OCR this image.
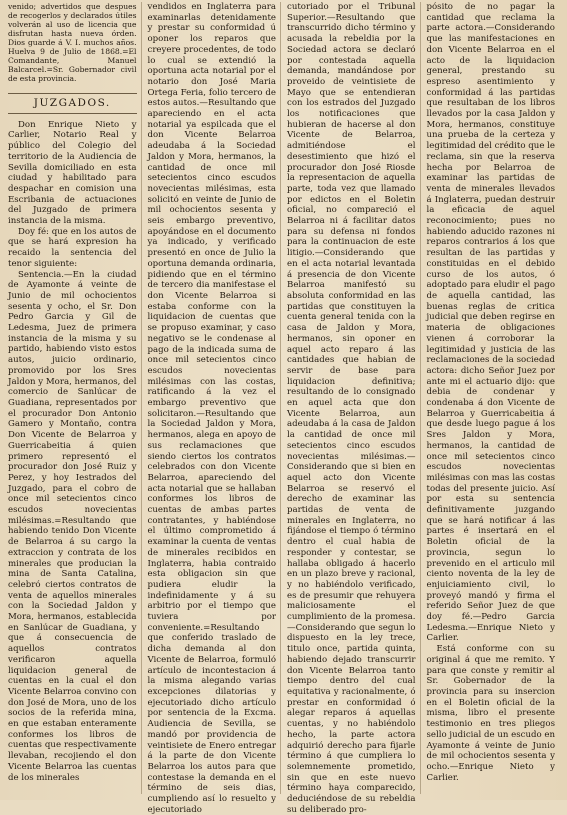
venido; advertidos que despues de recogerlos y declarados útiles volverán al uso de licencia que disfrutan hasta nueva órden. Dios guarde á V. I. muchos años. Huelva 9 de Julio de 1868.=El Comandante, Manuel Balcarcel.=Sr. Gobernador civil de esta provincia.

JUZGADOS.

Don Enrique Nieto y Carlier, Notario Real y público del Colegio del territorio de la Audiencia de Sevilla domiciliado en esta ciudad y habilitado para despachar en comision una Escribania de actuaciones del Juzgado de primera instancia de la misma.

Doy fé: que en los autos de que se hará expresion ha recaido la sentencia del tenor siguiente:

Sentencia.—En la ciudad de Ayamonte á veinte de Junio de mil ochocientos sesenta y ocho, el Sr. Don Pedro Garcia y Gil de Ledesma, Juez de primera instancia de la misma y su partido, habiendo visto estos autos, juicio ordinario, promovido por los Sres Jaldon y Mora, hermanos, del comercio de Sanlúcar de Guadiana, representados por el procurador Don Antonio Gamero y Montaño, contra Don Vicente de Belarroa y Guerricabeitia á quien primero representó el procurador don José Ruiz y Perez, y hoy Iestrados del Juzgado, para el cobro de once mil setecientos cinco escudos novecientas milésimas.=Resultando que habiendo tenido Don Vicente de Belarroa á su cargo la extraccion y contrata de los minerales que producian la mina de Santa Catalina, celebró ciertos contratos de venta de aquellos minerales con la Sociedad Jaldon y Mora, hermanos, establecida en Sanlúcar de Guadiana, y que á consecuencia de aquellos contratos verificaron aquella liquidacion general de cuentas en la cual el don Vicente Belarroa convino con don José de Mora, uno de los socios de la referida mina, en que estaban enteramente conformes los libros de cuentas que respectivamente llevaban, recojiendo el don Vicente Belarroa las cuentas de los minerales

vendidos en Inglaterra para examinarlas detenidamente y prestar su conformidad ú oponer los reparos que creyere procedentes, de todo lo cual se extendió la oportuna acta notarial por el notario don José Maria Ortega Feria, folio tercero de estos autos.—Resultando que apareciendo en el acta notarial ya espilcada que el don Vicente Belarroa adeudaba á la Sociedad Jaldon y Mora, hermanos, la cantidad de once mil setecientos cinco escudos novecientas milésimas, esta solicitó en veinte de Junio de mil ochocientos sesenta y seis embargo preventivo, apoyándose en el documento ya indicado, y verificado presentó en once de Julio la oportuna demanda ordinaria, pidiendo que en el término de tercero dia manifestase el don Vicente Belarroa si estaba conforme con la liquidacion de cuentas que se propuso examinar, y caso negativo se le condenase al pago de la indicada suma de once mil setecientos cinco escudos novecientas milésimas con las costas, ratificando á la vez el embargo preventivo que solicitaron.—Resultando que la Sociedad Jaldon y Mora, hermanos, alega en apoyo de sus reclamaciones que siendo ciertos los contratos celebrados con don Vicente Belarroa, apareciendo del acta notarial que se hallaban conformes los libros de cuentas de ambas partes contratantes, y habiéndose el último comprometido á examinar la cuenta de ventas de minerales recibidos en Inglaterra, habia contraido esta obligacion sin que pudiera eludir la indefinidamente y á su arbitrio por el tiempo que tuviera por conveniente.=Resultando que conferido traslado de dicha demanda al don Vicente de Belarroa, formuló artículo de incontestacion á la misma alegando varias excepciones dilatorias y ejecutoriado dicho artículo por sentencia de la Excma. Audiencia de Sevilla, se mandó por providencia de veintisiete de Enero entregar á la parte de don Vicente Belarroa los autos para que contestase la demanda en el término de seis dias, cumpliendo así lo resuelto y ejecutoriado

cutoriado por el Tribunal Superior.—Resultando que transcurrido dicho término y acusada la rebeldia por la Sociedad actora se declaró por contestada aquella demanda, mandándose por proveido de veintisiete de Mayo que se entendieran con los estrados del Juzgado los notificaciones que hubieran de hacerse al don Vicente de Belarroa, admitiéndose el desestimiento que hizó el procurador don José Riosde la representacion de aquella parte, toda vez que llamado por edictos en el Boletin oficial, no compareció el Belarroa ni á facilitar datos para su defensa ni fondos para la continuacion de este litigio.—Considerando que en el acta notarial levantada á presencia de don Vicente Belarroa manifestó su absoluta conformidad en las partidas que constituyen la cuenta general tenida con la casa de Jaldon y Mora, hermanos, sin oponer en aquel acto reparo á las cantidades que habian de servir de base para liquidacion definitiva; resultando de lo consignado en aquel acta que don Vicente Belarroa, aun adeudaba á la casa de Jaldon la cantidad de once mil setecientos cinco escudos novecientas milésimas.—Considerando que si bien en aquel acto don Vicente Belarroa se reservó el derecho de examinar las partidas de venta de minerales en Inglaterra, no fijándose el tiempo ó término dentro el cual habia de responder y contestar, se hallaba obligado á hacerlo en un plazo breve y racional, y no habiéndolo verificado, es de presumir que rehuyera maliciosamente el cumplimiento de la promesa.—Considerando que segun lo dispuesto en la ley trece, titulo once, partida quinta, habiendo dejado transcurrir don Vicente Belarroa tanto tiempo dentro del cual equitativa y racionalmente, ó prestar en conformidad ó alegar reparos á aquellas cuentas, y no habiéndolo hecho, la parte actora adquirió derecho para fijarle término á que cumpliera lo solemnemente prometido, sin que en este nuevo término haya comparecido, deduciéndose de su rebeldia su deliberado pro-

pósito de no pagar la cantidad que reclama la parte actora.—Considerando que las manifestaciones en don Vicente Belarroa en el acto de la liquidacion general, prestando su espreso asentimiento y conformidad á las partidas que resultaban de los libros llevados por la casa Jaldon y Mora, hermanos, constituye una prueba de la certeza y legitimidad del crédito que le reclama, sin que la reserva hecha por Belarroa de examinar las partidas de venta de minerales llevados á Inglaterra, puedan destruir la eficacia de aquel reconocimiento; pues no habiendo aducido razones ni reparos contrarios á los que resultan de las partidas y constituidas en el debido curso de los autos, ó adoptado para eludir el pago de aquella cantidad, las buenas reglas de critica judicial que deben regirse en materia de obligaciones vienen á corroborar la legitimidad y justicia de las reclamaciones de la sociedad actora: dicho Señor Juez por ante mi el actuario dijo: que debia de condenar y condenaba á don Vicente de Belarroa y Guerricabeitia á que desde luego pague á los Sres Jaldon y Mora, hermanos, la cantidad de once mil setecientos cinco escudos novecientas milésimas con mas las costas todas del presente juicio. Así por esta su sentencia definitivamente juzgando que se hará notificar á las partes é insertará en el Boletin oficial de la provincia, segun lo prevenido en el articulo mil ciento noventa de la ley de enjuiciamiento civil, lo proveyó mandó y firma el referido Señor Juez de que doy fé.—Pedro Garcia Ledesma.—Enrique Nieto y Carlier.

Está conforme con su original á que me remito. Y para que conste y remitir al Sr. Gobernador de la provincia para su insercion en el Boletin oficial de la misma, libro el presente testimonio en tres pliegos sello judicial de un escudo en Ayamonte á veinte de Junio de mil ochocientos sesenta y ocho.—Enrique Nieto y Carlier.
